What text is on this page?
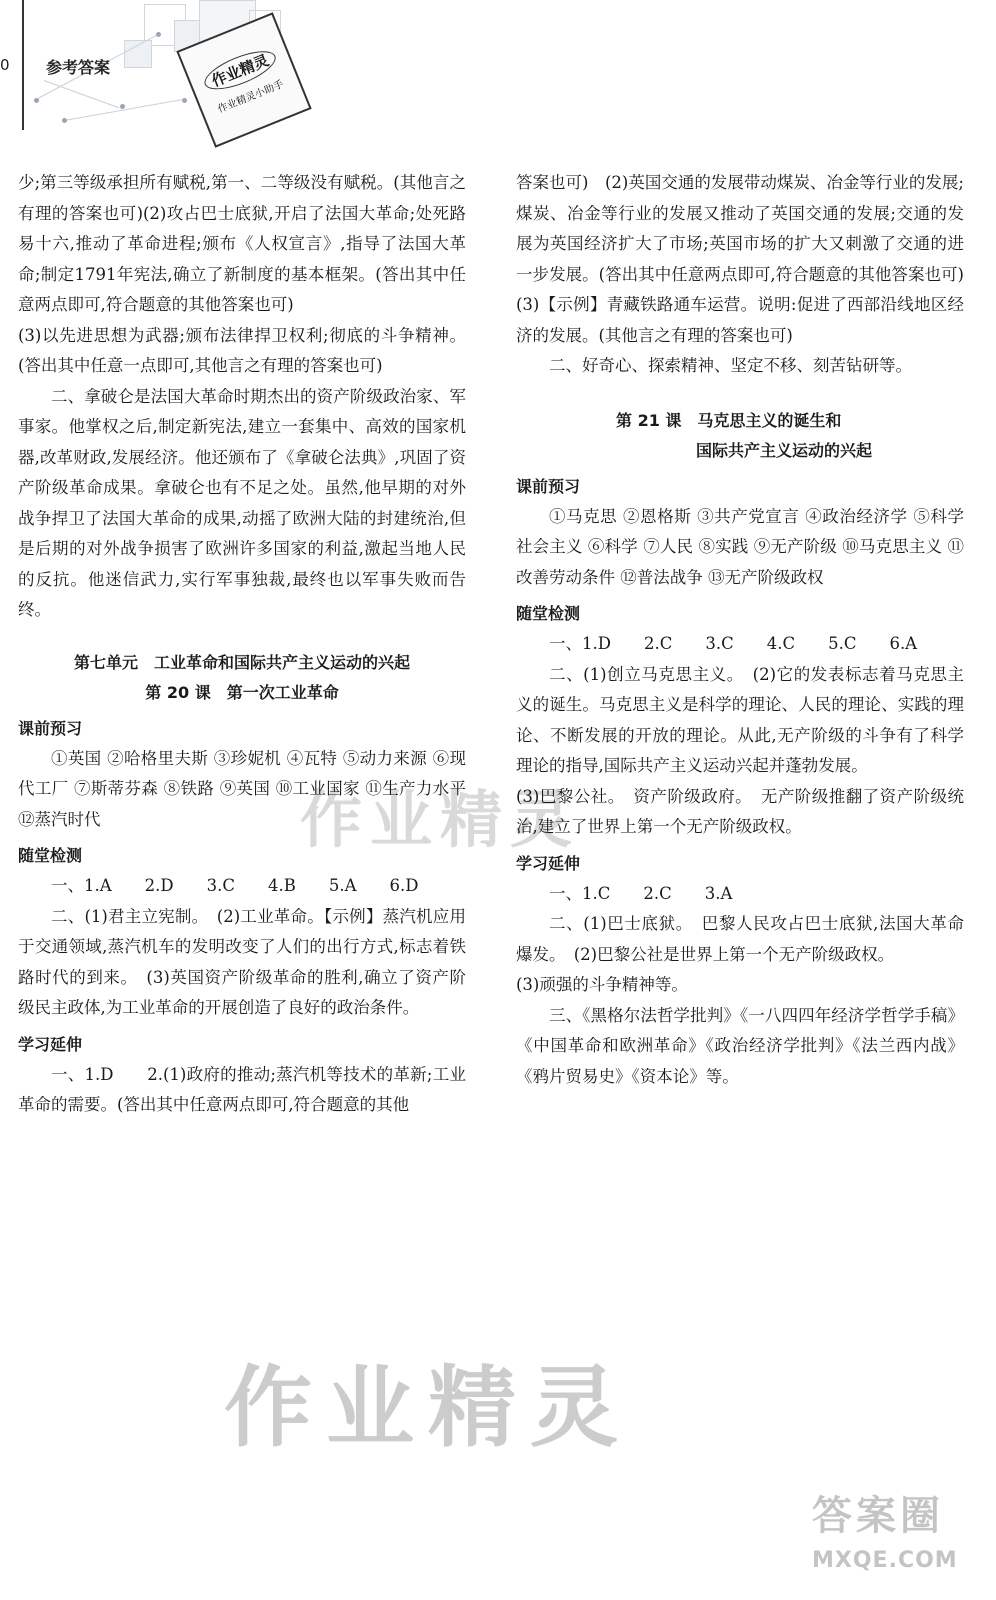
0 参考答案	作业精灵
作业精灵小助手
作业精灵
作业精灵
答案圈
MXQE.COM

少;第三等级承担所有赋税,第一、二等级没有赋税。(其他言之有理的答案也可)(2)攻占巴士底狱,开启了法国大革命;处死路易十六,推动了革命进程;颁布《人权宣言》,指导了法国大革命;制定1791年宪法,确立了新制度的基本框架。(答出其中任意两点即可,符合题意的其他答案也可)

(3)以先进思想为武器;颁布法律捍卫权利;彻底的斗争精神。(答出其中任意一点即可,其他言之有理的答案也可)

二、拿破仑是法国大革命时期杰出的资产阶级政治家、军事家。他掌权之后,制定新宪法,建立一套集中、高效的国家机器,改革财政,发展经济。他还颁布了《拿破仑法典》,巩固了资产阶级革命成果。拿破仑也有不足之处。虽然,他早期的对外战争捍卫了法国大革命的成果,动摇了欧洲大陆的封建统治,但是后期的对外战争损害了欧洲许多国家的利益,激起当地人民的反抗。他迷信武力,实行军事独裁,最终也以军事失败而告终。

第七单元　工业革命和国际共产主义运动的兴起

第 20 课　第一次工业革命

课前预习

①英国 ②哈格里夫斯 ③珍妮机 ④瓦特 ⑤动力来源 ⑥现代工厂 ⑦斯蒂芬森 ⑧铁路 ⑨英国 ⑩工业国家 ⑪生产力水平 ⑫蒸汽时代

随堂检测

一、1.A　　2.D　　3.C　　4.B　　5.A　　6.D

二、(1)君主立宪制。　(2)工业革命。【示例】蒸汽机应用于交通领域,蒸汽机车的发明改变了人们的出行方式,标志着铁路时代的到来。　(3)英国资产阶级革命的胜利,确立了资产阶级民主政体,为工业革命的开展创造了良好的政治条件。

学习延伸

一、1.D　　2.(1)政府的推动;蒸汽机等技术的革新;工业革命的需要。(答出其中任意两点即可,符合题意的其他

答案也可)　(2)英国交通的发展带动煤炭、冶金等行业的发展;煤炭、冶金等行业的发展又推动了英国交通的发展;交通的发展为英国经济扩大了市场;英国市场的扩大又刺激了交通的进一步发展。(答出其中任意两点即可,符合题意的其他答案也可)　(3)【示例】青藏铁路通车运营。说明:促进了西部沿线地区经济的发展。(其他言之有理的答案也可)

二、好奇心、探索精神、坚定不移、刻苦钻研等。

第 21 课　马克思主义的诞生和

国际共产主义运动的兴起

课前预习

①马克思 ②恩格斯 ③共产党宣言 ④政治经济学 ⑤科学社会主义 ⑥科学 ⑦人民 ⑧实践 ⑨无产阶级 ⑩马克思主义 ⑪改善劳动条件 ⑫普法战争 ⑬无产阶级政权

随堂检测

一、1.D　　2.C　　3.C　　4.C　　5.C　　6.A

二、(1)创立马克思主义。　(2)它的发表标志着马克思主义的诞生。马克思主义是科学的理论、人民的理论、实践的理论、不断发展的开放的理论。从此,无产阶级的斗争有了科学理论的指导,国际共产主义运动兴起并蓬勃发展。

(3)巴黎公社。　资产阶级政府。　无产阶级推翻了资产阶级统治,建立了世界上第一个无产阶级政权。

学习延伸

一、1.C　　2.C　　3.A

二、(1)巴士底狱。　巴黎人民攻占巴士底狱,法国大革命爆发。　(2)巴黎公社是世界上第一个无产阶级政权。

(3)顽强的斗争精神等。

三、《黑格尔法哲学批判》《一八四四年经济学哲学手稿》《中国革命和欧洲革命》《政治经济学批判》《法兰西内战》《鸦片贸易史》《资本论》等。
